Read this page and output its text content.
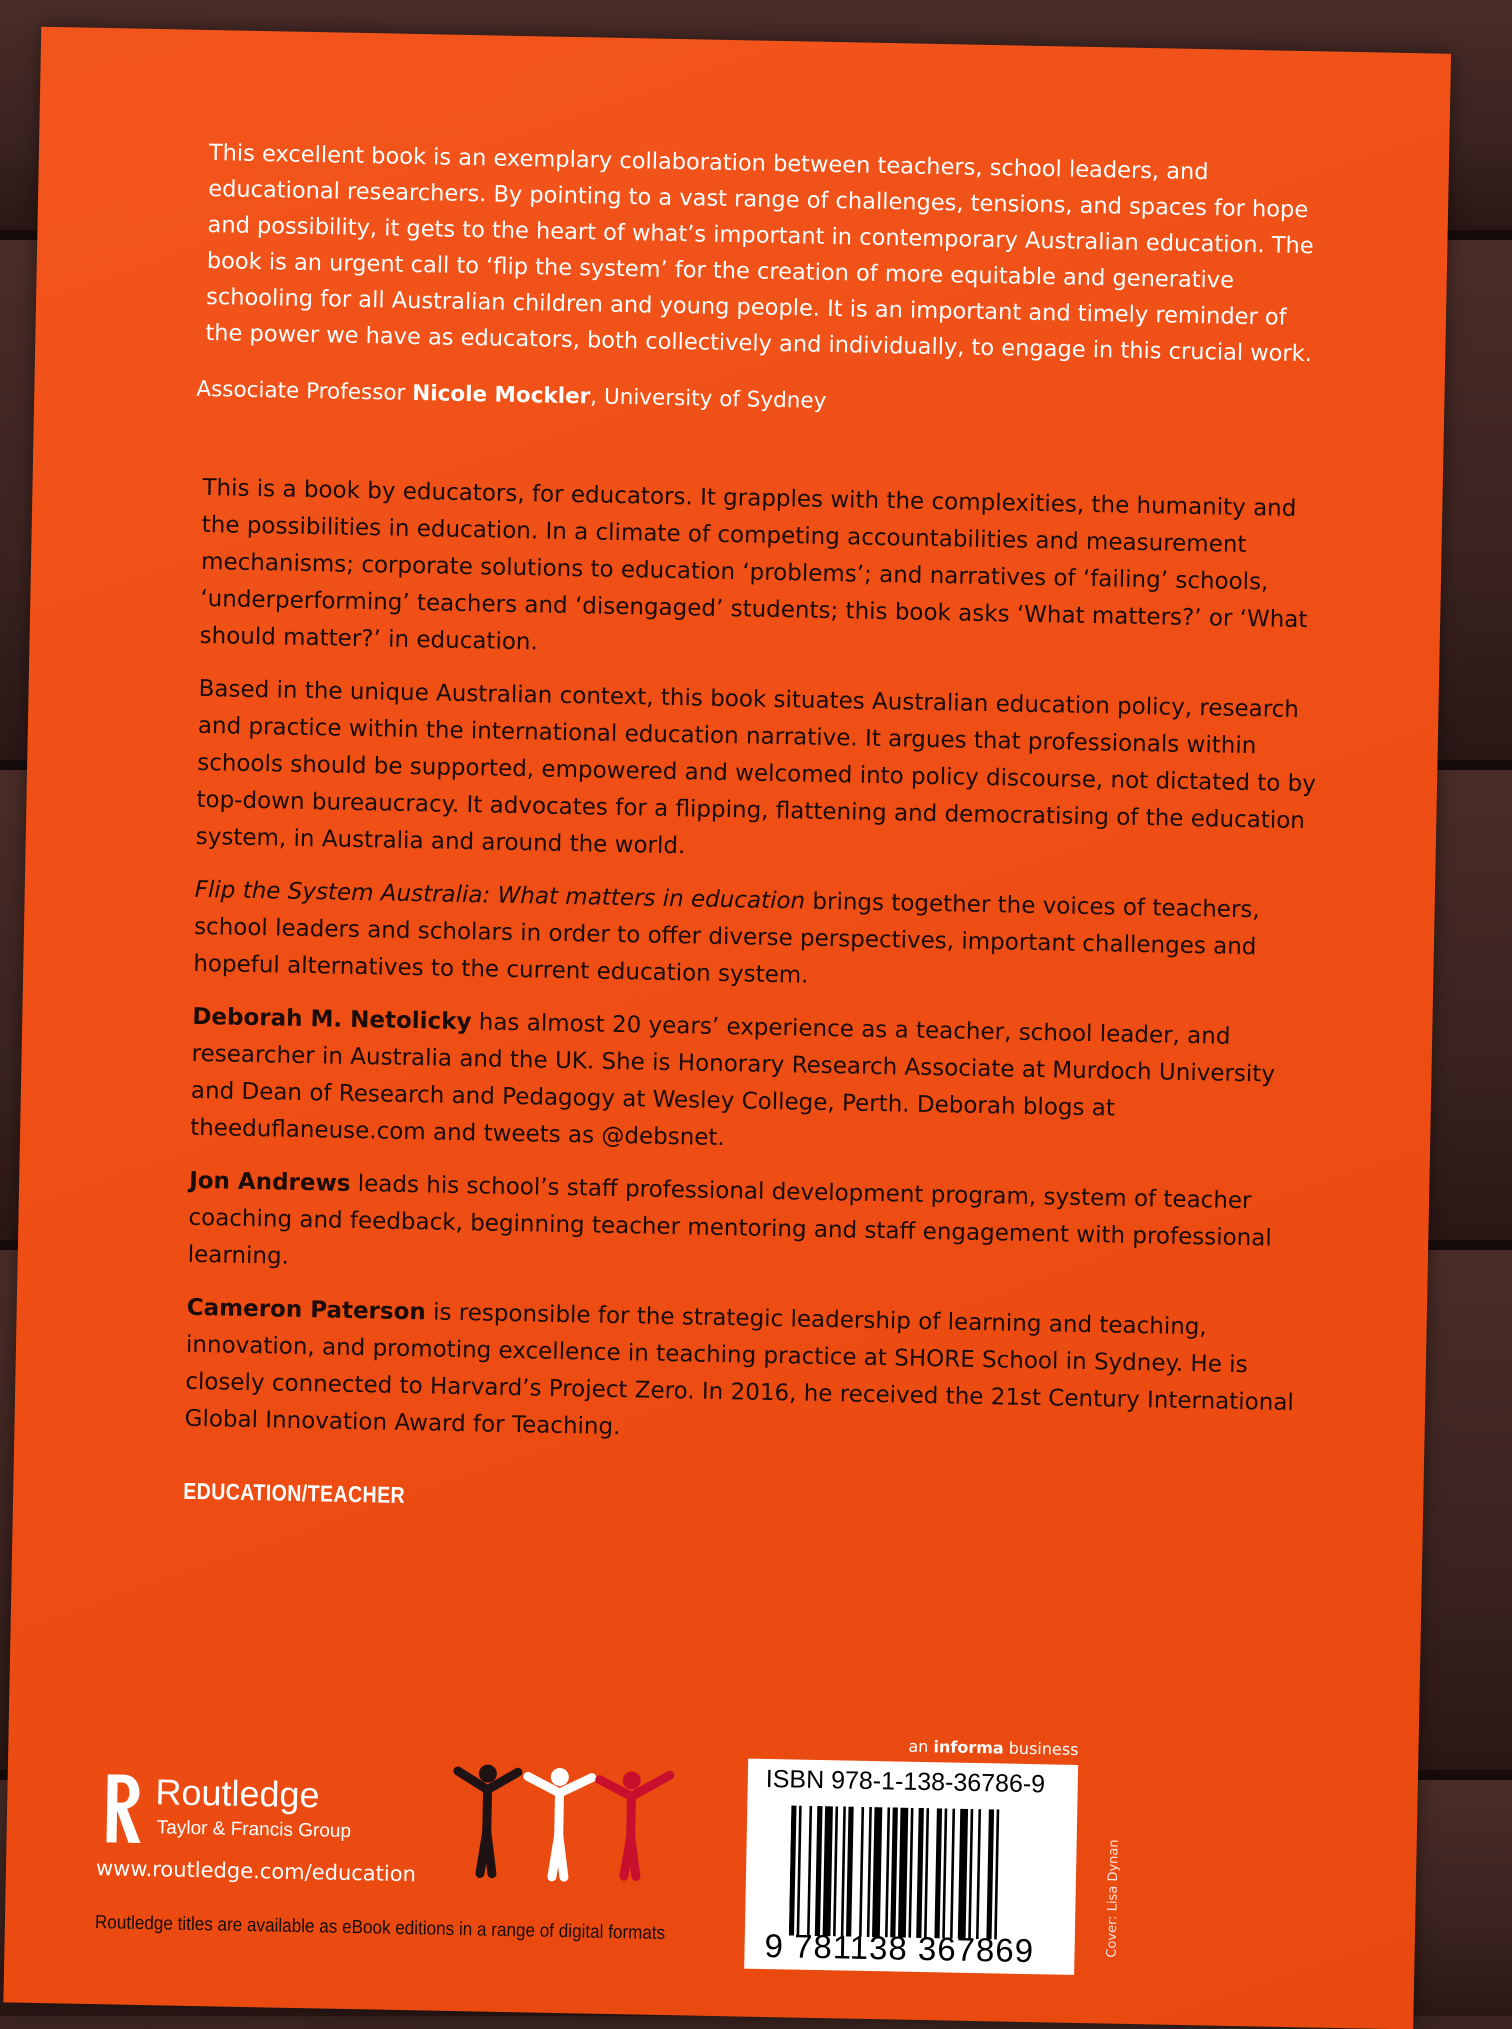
This excellent book is an exemplary collaboration between teachers, school leaders, and educational researchers. By pointing to a vast range of challenges, tensions, and spaces for hope and possibility, it gets to the heart of what’s important in contemporary Australian education. The book is an urgent call to ‘flip the system’ for the creation of more equitable and generative schooling for all Australian children and young people. It is an important and timely reminder of the power we have as educators, both collectively and individually, to engage in this crucial work.

Associate Professor Nicole Mockler, University of Sydney

This is a book by educators, for educators. It grapples with the complexities, the humanity and the possibilities in education. In a climate of competing accountabilities and measurement mechanisms; corporate solutions to education ‘problems’; and narratives of ‘failing’ schools, ‘underperforming’ teachers and ‘disengaged’ students; this book asks ‘What matters?’ or ‘What should matter?’ in education.

Based in the unique Australian context, this book situates Australian education policy, research and practice within the international education narrative. It argues that professionals within schools should be supported, empowered and welcomed into policy discourse, not dictated to by top-down bureaucracy. It advocates for a flipping, flattening and democratising of the education system, in Australia and around the world.

Flip the System Australia: What matters in education brings together the voices of teachers, school leaders and scholars in order to offer diverse perspectives, important challenges and hopeful alternatives to the current education system.

Deborah M. Netolicky has almost 20 years’ experience as a teacher, school leader, and researcher in Australia and the UK. She is Honorary Research Associate at Murdoch University and Dean of Research and Pedagogy at Wesley College, Perth. Deborah blogs at theeduflaneuse.com and tweets as @debsnet.

Jon Andrews leads his school’s staff professional development program, system of teacher coaching and feedback, beginning teacher mentoring and staff engagement with professional learning.

Cameron Paterson is responsible for the strategic leadership of learning and teaching, innovation, and promoting excellence in teaching practice at SHORE School in Sydney. He is closely connected to Harvard’s Project Zero. In 2016, he received the 21st Century International Global Innovation Award for Teaching.

EDUCATION/TEACHER
Routledge
Taylor & Francis Group
www.routledge.com/education
Routledge titles are available as eBook editions in a range of digital formats
an informa business
ISBN 978-1-138-36786-9
9 781138 367869	Cover: Lisa Dynan
